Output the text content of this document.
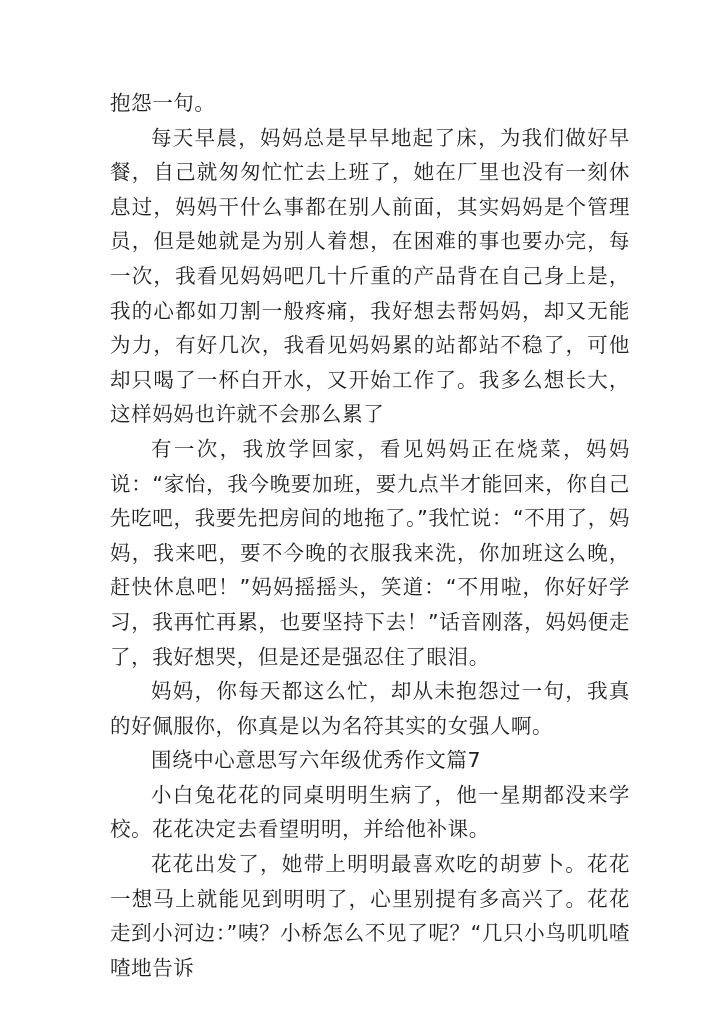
抱怨一句。

每天早晨，妈妈总是早早地起了床，为我们做好早餐，自己就匆匆忙忙去上班了，她在厂里也没有一刻休息过，妈妈干什么事都在别人前面，其实妈妈是个管理员，但是她就是为别人着想，在困难的事也要办完，每一次，我看见妈妈吧几十斤重的产品背在自己身上是，我的心都如刀割一般疼痛，我好想去帮妈妈，却又无能为力，有好几次，我看见妈妈累的站都站不稳了，可他却只喝了一杯白开水，又开始工作了。我多么想长大，这样妈妈也许就不会那么累了

有一次，我放学回家，看见妈妈正在烧菜，妈妈说：“家怡，我今晚要加班，要九点半才能回来，你自己先吃吧，我要先把房间的地拖了。”我忙说：“不用了，妈妈，我来吧，要不今晚的衣服我来洗，你加班这么晚，赶快休息吧！”妈妈摇摇头，笑道：“不用啦，你好好学习，我再忙再累，也要坚持下去！”话音刚落，妈妈便走了，我好想哭，但是还是强忍住了眼泪。

妈妈，你每天都这么忙，却从未抱怨过一句，我真的好佩服你，你真是以为名符其实的女强人啊。

围绕中心意思写六年级优秀作文篇7

小白兔花花的同桌明明生病了，他一星期都没来学校。花花决定去看望明明，并给他补课。

花花出发了，她带上明明最喜欢吃的胡萝卜。花花一想马上就能见到明明了，心里别提有多高兴了。花花走到小河边：”咦？小桥怎么不见了呢？“几只小鸟叽叽喳喳地告诉
